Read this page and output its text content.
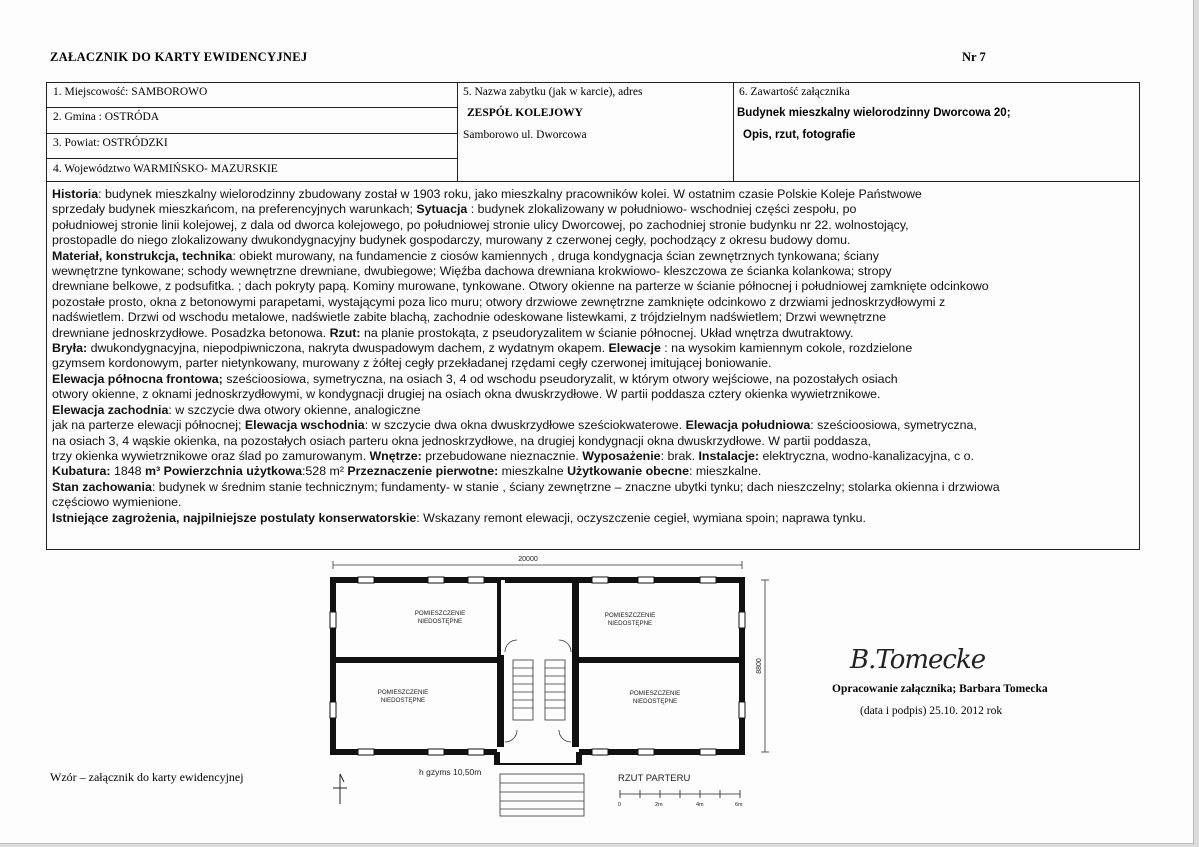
ZAŁACZNIK DO KARTY EWIDENCYJNEJ	Nr 7
1. Miejscowość: SAMBOROWO
2. Gmina : OSTRÓDA
3. Powiat: OSTRÓDZKI
4. Województwo WARMIŃSKO- MAZURSKIE
5. Nazwa zabytku (jak w karcie), adres
ZESPÓŁ KOLEJOWY
Samborowo ul. Dworcowa
6. Zawartość załącznika
Budynek mieszkalny wielorodzinny Dworcowa 20;
Opis, rzut, fotografie

Historia: budynek mieszkalny wielorodzinny zbudowany został w 1903 roku, jako mieszkalny pracowników kolei. W ostatnim czasie Polskie Koleje Państwowe

sprzedały budynek mieszkańcom, na preferencyjnych warunkach; Sytuacja : budynek zlokalizowany w południowo- wschodniej części zespołu, po

południowej stronie linii kolejowej, z dala od dworca kolejowego, po południowej stronie ulicy Dworcowej, po zachodniej stronie budynku nr 22. wolnostojący,

prostopadle do niego zlokalizowany dwukondygnacyjny budynek gospodarczy, murowany z czerwonej cegły, pochodzący z okresu budowy domu.

Materiał, konstrukcja, technika: obiekt murowany, na fundamencie z ciosów kamiennych , druga kondygnacja ścian zewnętrznych tynkowana; ściany

wewnętrzne tynkowane; schody wewnętrzne drewniane, dwubiegowe; Więźba dachowa drewniana krokwiowo- kleszczowa ze ścianka kolankowa; stropy

drewniane belkowe, z podsufitka. ; dach pokryty papą. Kominy murowane, tynkowane. Otwory okienne na parterze w ścianie północnej i południowej zamknięte odcinkowo

pozostałe prosto, okna z betonowymi parapetami, wystającymi poza lico muru; otwory drzwiowe zewnętrzne zamknięte odcinkowo z drzwiami jednoskrzydłowymi z

nadświetlem. Drzwi od wschodu metalowe, nadświetle zabite blachą, zachodnie odeskowane listewkami, z trójdzielnym nadświetlem; Drzwi wewnętrzne

drewniane jednoskrzydłowe. Posadzka betonowa. Rzut: na planie prostokąta, z pseudoryzalitem w ścianie północnej. Układ wnętrza dwutraktowy.

Bryła: dwukondygnacyjna, niepodpiwniczona, nakryta dwuspadowym dachem, z wydatnym okapem. Elewacje : na wysokim kamiennym cokole, rozdzielone

gzymsem kordonowym, parter nietynkowany, murowany z żółtej cegły przekładanej rzędami cegły czerwonej imitującej boniowanie.

Elewacja północna frontowa; sześcioosiowa, symetryczna, na osiach 3, 4 od wschodu pseudoryzalit, w którym otwory wejściowe, na pozostałych osiach

otwory okienne, z oknami jednoskrzydłowymi, w kondygnacji drugiej na osiach okna dwuskrzydłowe. W partii poddasza cztery okienka wywietrznikowe.

Elewacja zachodnia: w szczycie dwa otwory okienne, analogiczne

jak na parterze elewacji północnej; Elewacja wschodnia: w szczycie dwa okna dwuskrzydłowe sześciokwaterowe. Elewacja południowa: sześcioosiowa, symetryczna,

na osiach 3, 4 wąskie okienka, na pozostałych osiach parteru okna jednoskrzydłowe, na drugiej kondygnacji okna dwuskrzydłowe. W partii poddasza,

trzy okienka wywietrznikowe oraz ślad po zamurowanym. Wnętrze: przebudowane nieznacznie. Wyposażenie: brak. Instalacje: elektryczna, wodno-kanalizacyjna, c o.

Kubatura: 1848 m³ Powierzchnia użytkowa:528 m² Przeznaczenie pierwotne: mieszkalne Użytkowanie obecne: mieszkalne.

Stan zachowania: budynek w średnim stanie technicznym; fundamenty- w stanie , ściany zewnętrzne – znaczne ubytki tynku; dach nieszczelny; stolarka okienna i drzwiowa

częściowo wymienione.

Istniejące zagrożenia, najpilniejsze postulaty konserwatorskie: Wskazany remont elewacji, oczyszczenie cegieł, wymiana spoin; naprawa tynku.

20000
8800
POMIESZCZENIE
NIEDOSTĘPNE
POMIESZCZENIE
NIEDOSTĘPNE
POMIESZCZENIE
NIEDOSTĘPNE
POMIESZCZENIE
NIEDOSTĘPNE
h gzyms 10,50m
RZUT PARTERU
0	2m	4m	6m
Wzór – załącznik do karty ewidencyjnej
B.Tomecke
Opracowanie załącznika; Barbara Tomecka
(data i podpis) 25.10. 2012 rok
